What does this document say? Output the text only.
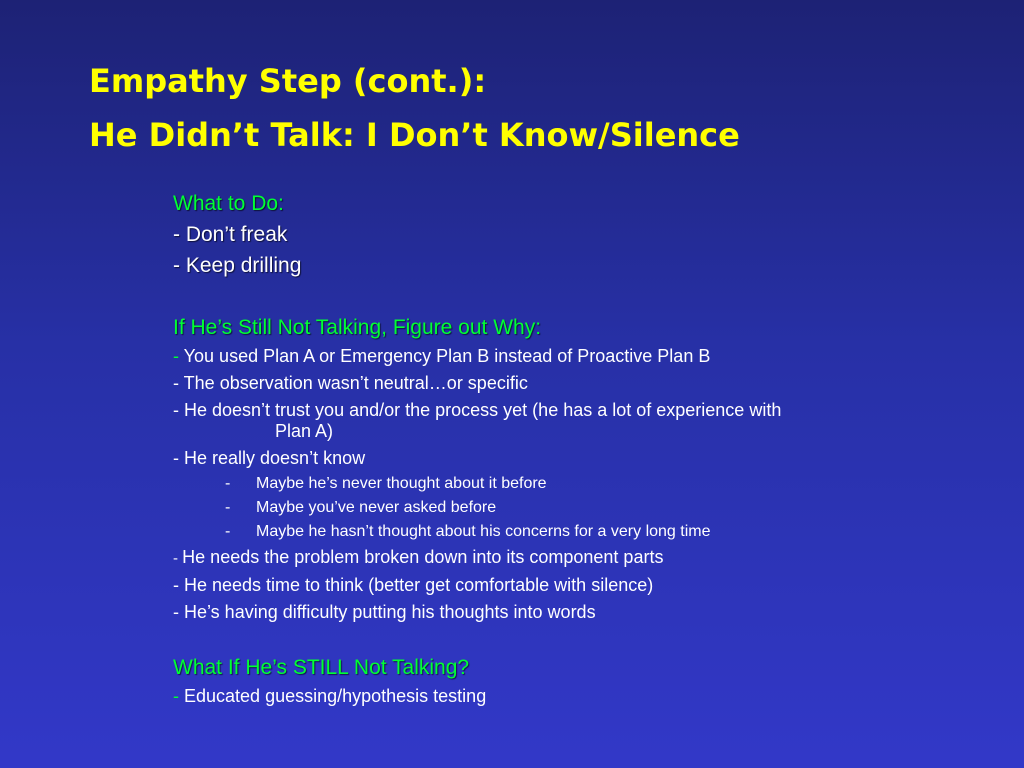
Empathy Step (cont.):
He Didn’t Talk: I Don’t Know/Silence
What to Do:
- Don’t freak
- Keep drilling
If He’s Still Not Talking, Figure out Why:
- You used Plan A or Emergency Plan B instead of Proactive Plan B
- The observation wasn’t neutral…or specific
- He doesn’t trust you and/or the process yet (he has a lot of experience with
Plan A)
- He really doesn’t know
- Maybe he’s never thought about it before
- Maybe you’ve never asked before
- Maybe he hasn’t thought about his concerns for a very long time
- He needs the problem broken down into its component parts
- He needs time to think (better get comfortable with silence)
- He’s having difficulty putting his thoughts into words
What If He’s STILL Not Talking?
- Educated guessing/hypothesis testing
